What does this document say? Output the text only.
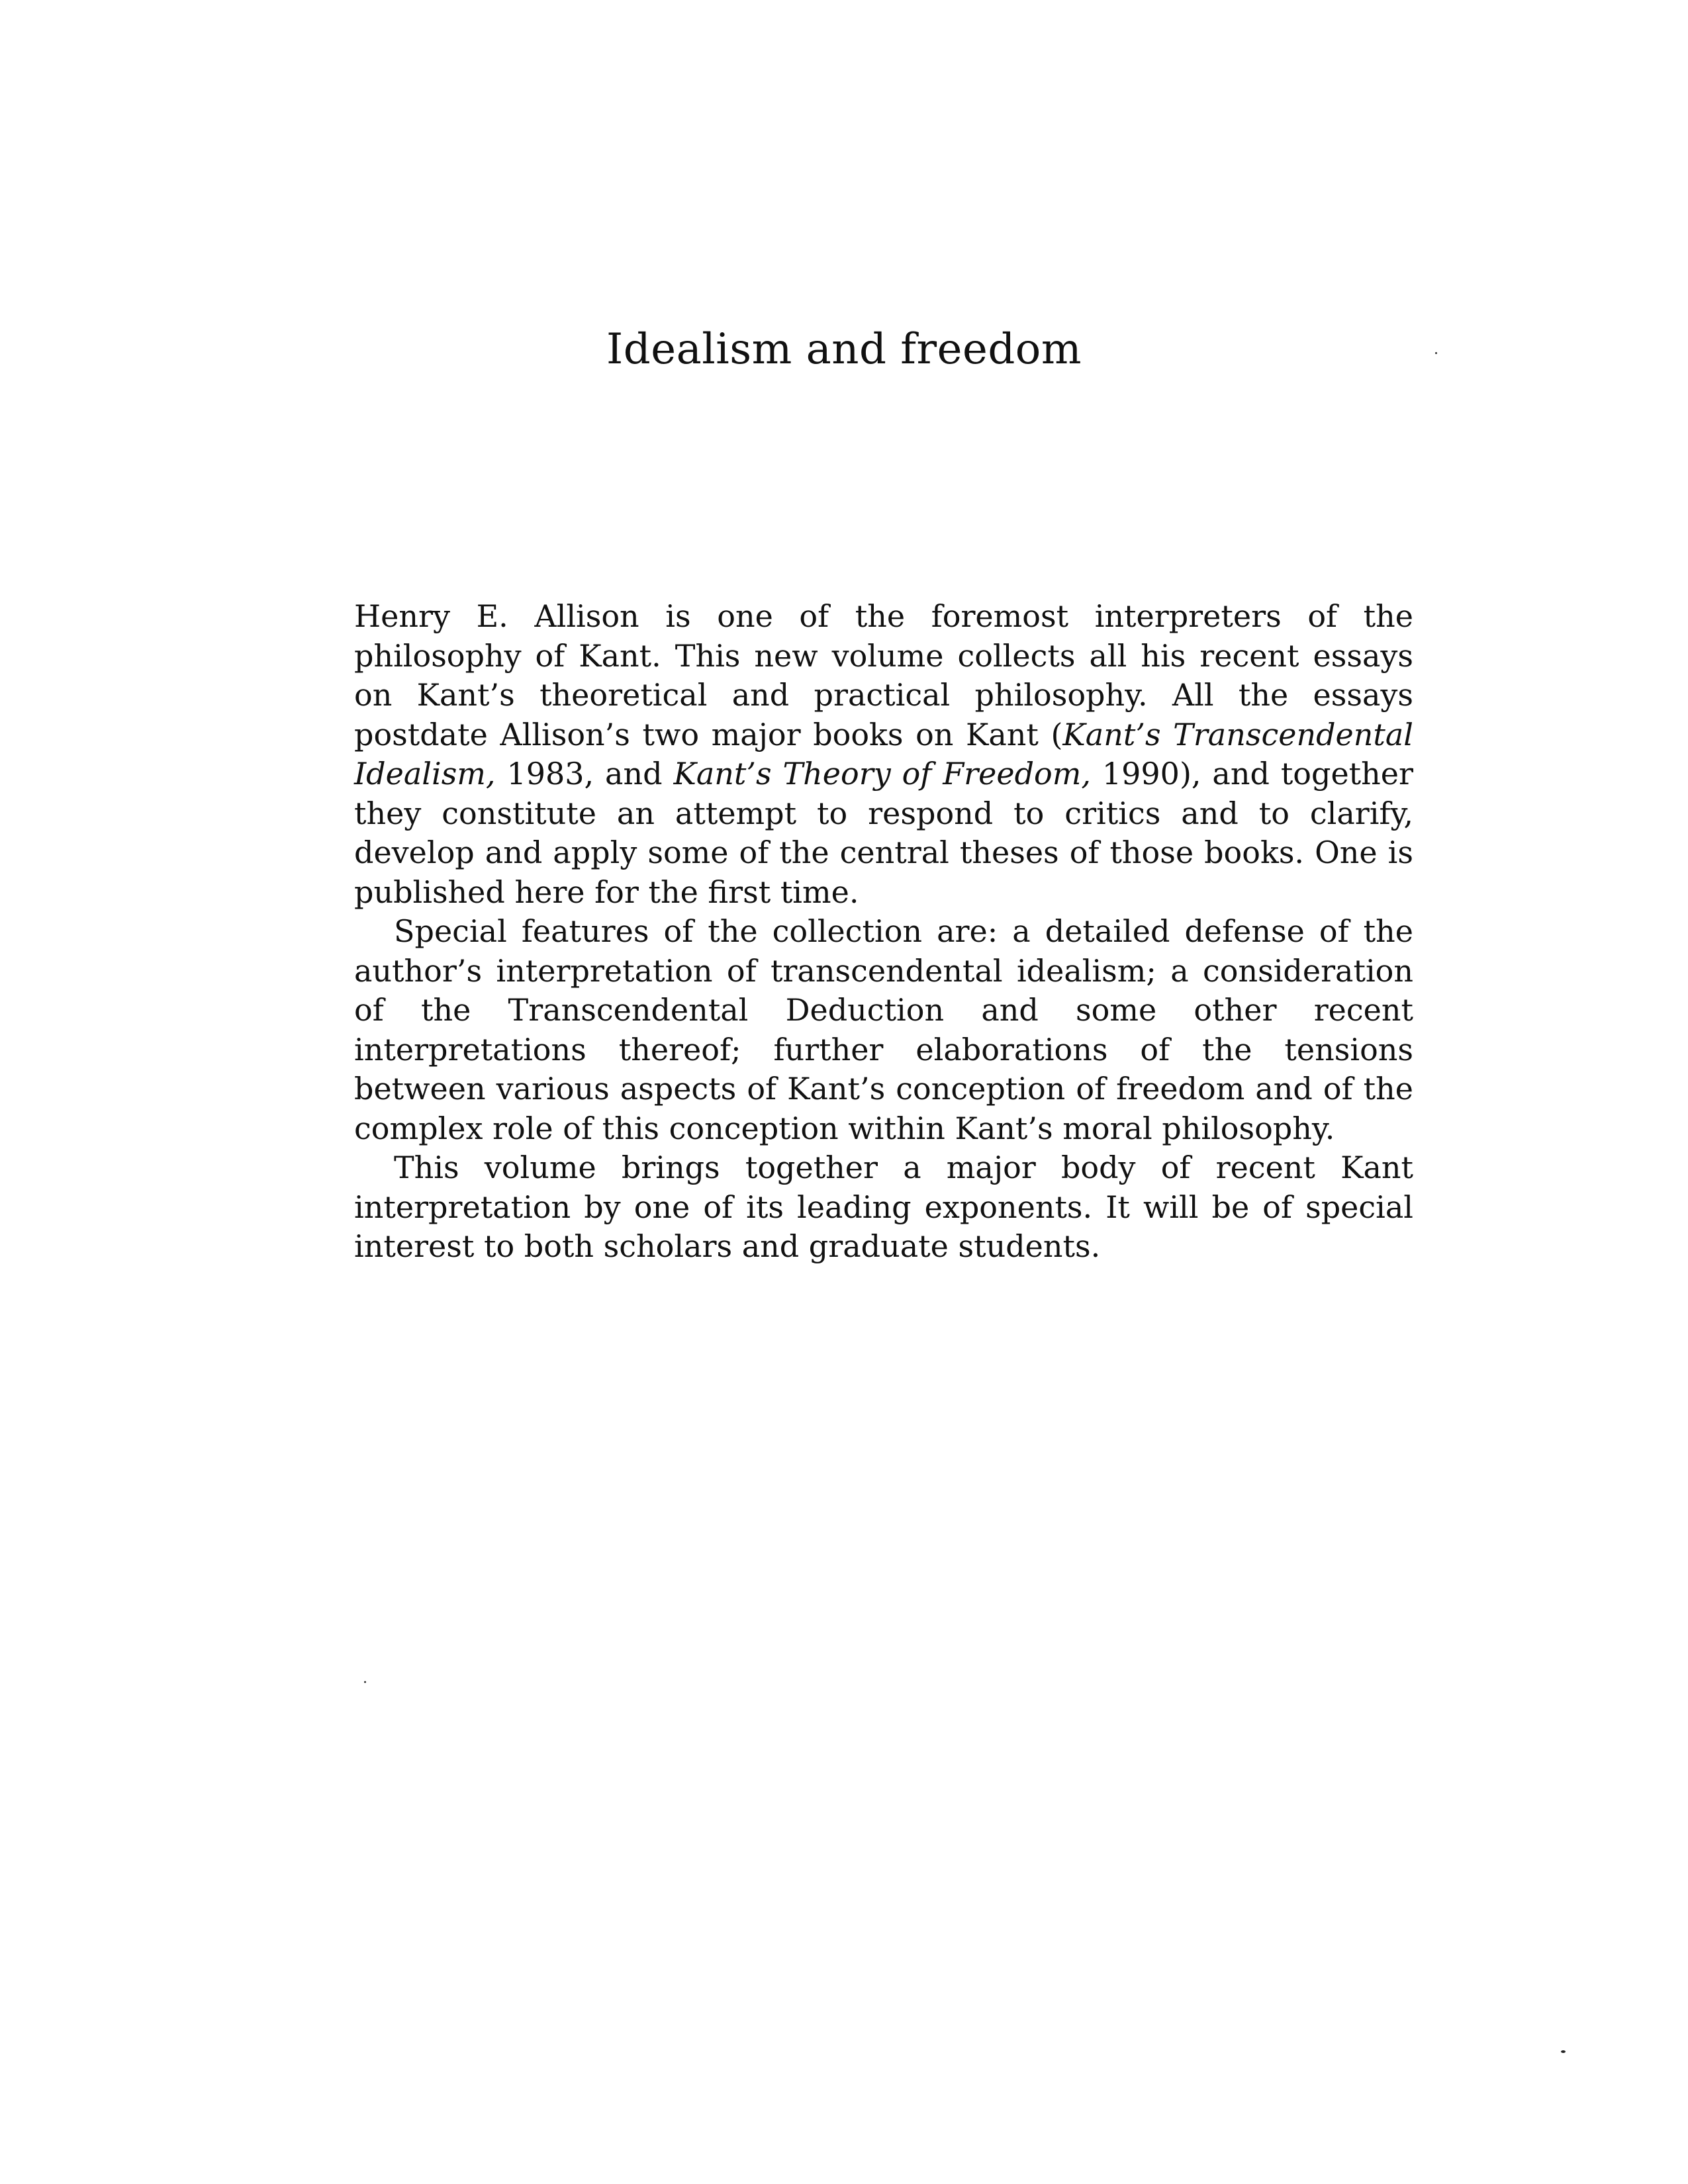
Idealism and freedom

Henry E. Allison is one of the foremost interpreters of the philosophy of Kant. This new volume collects all his recent essays on Kant’s theoretical and practical philosophy. All the essays postdate Allison’s two major books on Kant (Kant’s Transcendental Idealism, 1983, and Kant’s Theory of Freedom, 1990), and together they constitute an attempt to respond to critics and to clarify, develop and apply some of the central theses of those books. One is published here for the first time.

Special features of the collection are: a detailed defense of the author’s interpretation of transcendental idealism; a consideration of the Transcendental Deduction and some other recent interpretations thereof; further elaborations of the tensions between various aspects of Kant’s conception of freedom and of the complex role of this conception within Kant’s moral philosophy.

This volume brings together a major body of recent Kant interpretation by one of its leading exponents. It will be of special interest to both scholars and graduate students.
